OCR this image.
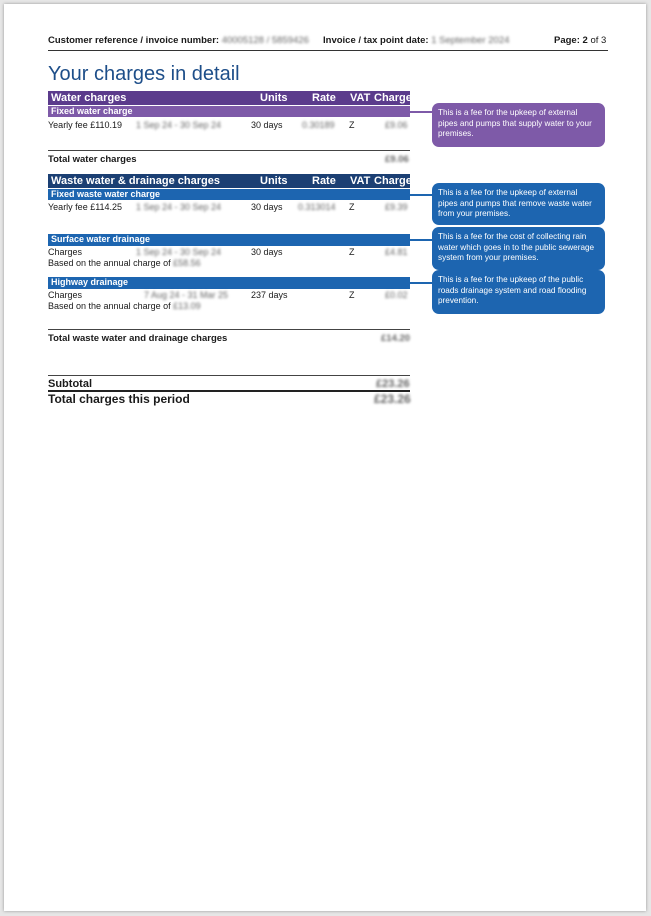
Customer reference / invoice number: 40005128 / 5859426 Invoice / tax point date: 1 September 2024	Page: 2 of 3
Your charges in detail
Water charges	Units Rate VAT Charge
Fixed water charge
Yearly fee £110.19 1 Sep 24 - 30 Sep 24	30 days 0.30189 Z	£9.06
Total water charges	£9.06
This is a fee for the upkeep of external pipes and pumps that supply water to your premises.
Waste water & drainage charges	Units Rate VAT Charge
Fixed waste water charge
Yearly fee £114.25 1 Sep 24 - 30 Sep 24	30 days 0.313014 Z	£9.39
This is a fee for the upkeep of external pipes and pumps that remove waste water from your premises.
Surface water drainage
Charges	1 Sep 24 - 30 Sep 24	30 days	Z	£4.81
Based on the annual charge of £58.56
This is a fee for the cost of collecting rain water which goes in to the public sewerage system from your premises.
Highway drainage
Charges	7 Aug 24 - 31 Mar 25	237 days	Z	£0.02
Based on the annual charge of £13.09
This is a fee for the upkeep of the public roads drainage system and road flooding prevention.
Total waste water and drainage charges	£14.20
Subtotal	£23.26
Total charges this period	£23.26
